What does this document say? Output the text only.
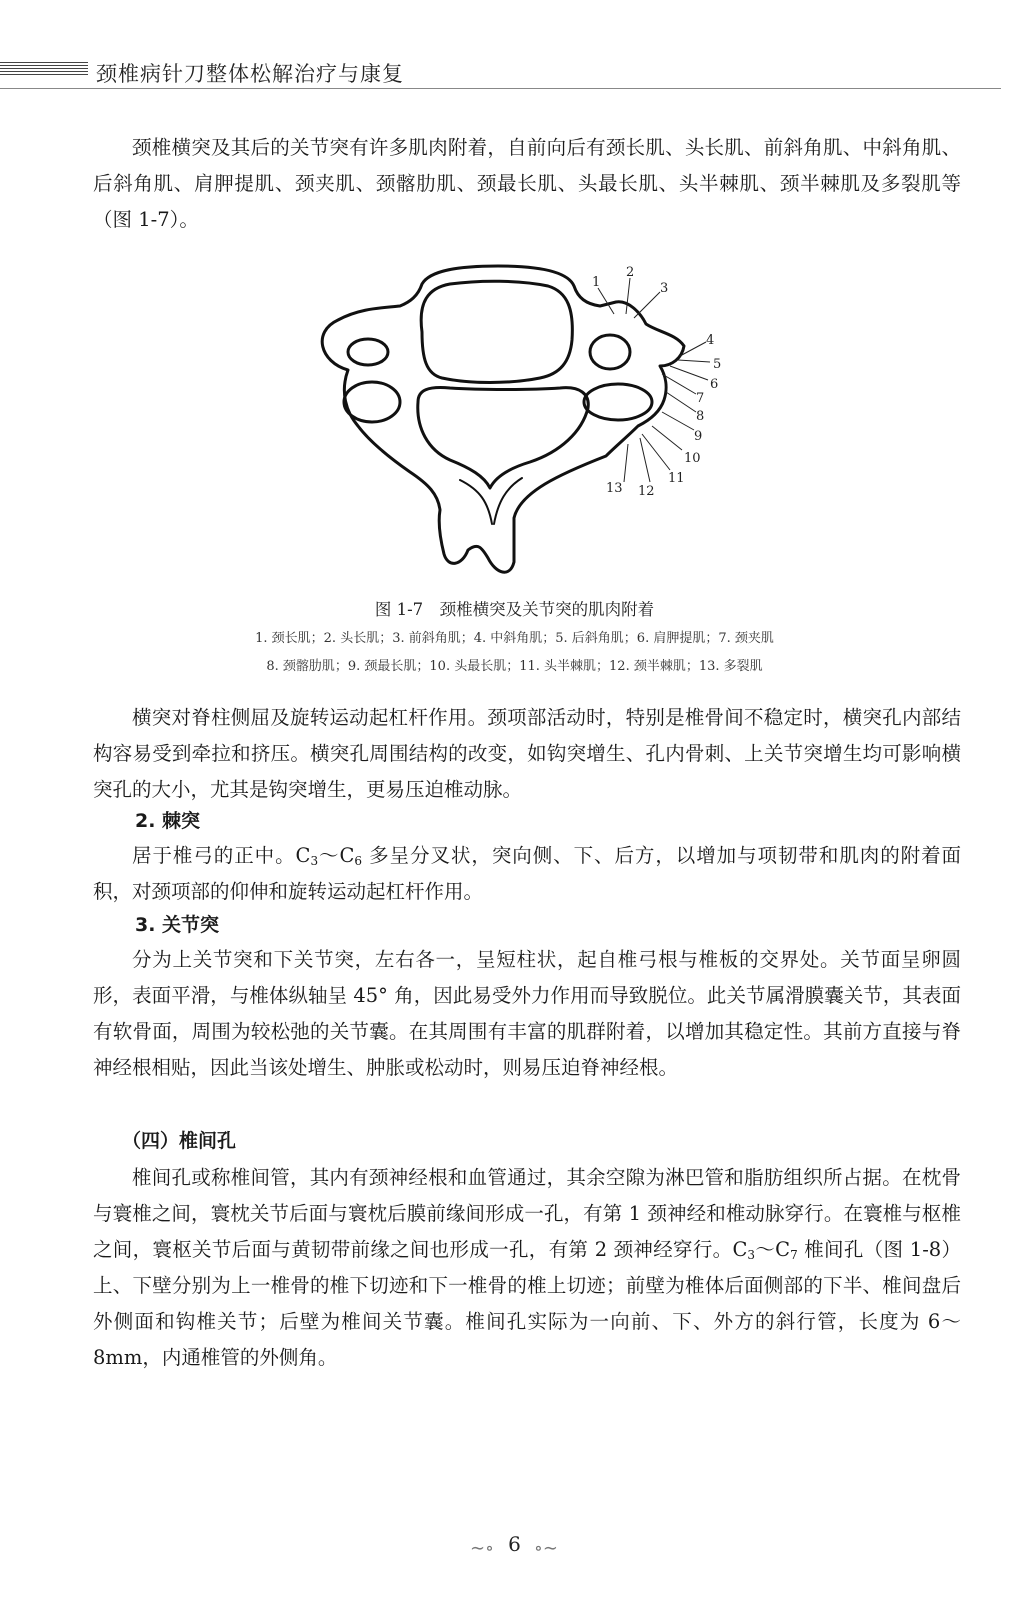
颈椎病针刀整体松解治疗与康复

颈椎横突及其后的关节突有许多肌肉附着，自前向后有颈长肌、头长肌、前斜角肌、中斜角肌、后斜角肌、肩胛提肌、颈夹肌、颈髂肋肌、颈最长肌、头最长肌、头半棘肌、颈半棘肌及多裂肌等（图 1-7）。

1
2
3
4
5
6
7
8
9
10
11
12
13
图 1-7　颈椎横突及关节突的肌肉附着
1. 颈长肌；2. 头长肌；3. 前斜角肌；4. 中斜角肌；5. 后斜角肌；6. 肩胛提肌；7. 颈夹肌
8. 颈髂肋肌；9. 颈最长肌；10. 头最长肌；11. 头半棘肌；12. 颈半棘肌；13. 多裂肌

横突对脊柱侧屈及旋转运动起杠杆作用。颈项部活动时，特别是椎骨间不稳定时，横突孔内部结构容易受到牵拉和挤压。横突孔周围结构的改变，如钩突增生、孔内骨刺、上关节突增生均可影响横突孔的大小，尤其是钩突增生，更易压迫椎动脉。

2. 棘突

居于椎弓的正中。$C_3\sim C_6$ 多呈分叉状，突向侧、下、后方，以增加与项韧带和肌肉的附着面积，对颈项部的仰伸和旋转运动起杠杆作用。

3. 关节突

分为上关节突和下关节突，左右各一，呈短柱状，起自椎弓根与椎板的交界处。关节面呈卵圆形，表面平滑，与椎体纵轴呈 45° 角，因此易受外力作用而导致脱位。此关节属滑膜囊关节，其表面有软骨面，周围为较松弛的关节囊。在其周围有丰富的肌群附着，以增加其稳定性。其前方直接与脊神经根相贴，因此当该处增生、肿胀或松动时，则易压迫脊神经根。

（四）椎间孔

椎间孔或称椎间管，其内有颈神经根和血管通过，其余空隙为淋巴管和脂肪组织所占据。在枕骨与寰椎之间，寰枕关节后面与寰枕后膜前缘间形成一孔，有第 1 颈神经和椎动脉穿行。在寰椎与枢椎之间，寰枢关节后面与黄韧带前缘之间也形成一孔，有第 2 颈神经穿行。$C_3\sim C_7$ 椎间孔（图 1-8）上、下壁分别为上一椎骨的椎下切迹和下一椎骨的椎上切迹；前壁为椎体后面侧部的下半、椎间盘后外侧面和钩椎关节；后壁为椎间关节囊。椎间孔实际为一向前、下、外方的斜行管，长度为 6～8mm，内通椎管的外侧角。

∼∘ 6 ∘∼
